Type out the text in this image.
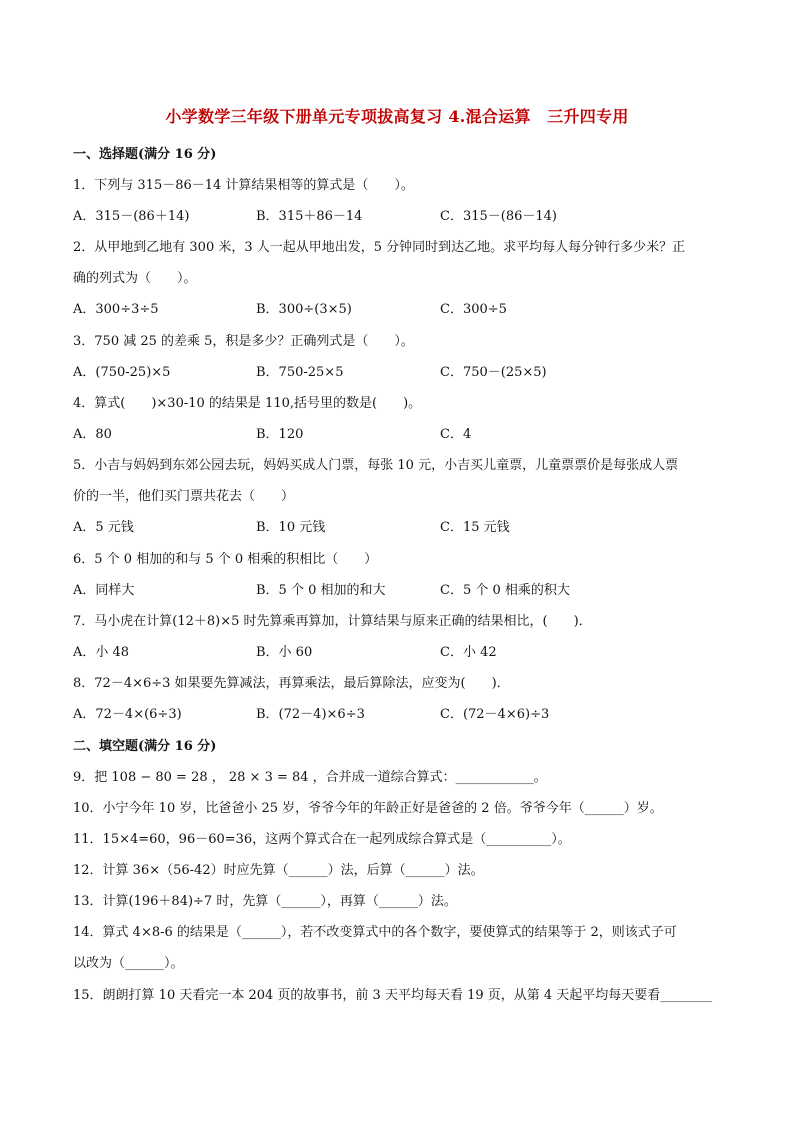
小学数学三年级下册单元专项拔高复习 4.混合运算　三升四专用
一、选择题(满分 16 分)
1．下列与 315－86－14 计算结果相等的算式是（　　）。
A．315－(86＋14)	B．315＋86－14	C．315－(86－14)
2．从甲地到乙地有 300 米，3 人一起从甲地出发，5 分钟同时到达乙地。求平均每人每分钟行多少米？正
确的列式为（　　）。
A．300÷3÷5	B．300÷(3×5)	C．300÷5
3．750 减 25 的差乘 5，积是多少？正确列式是（　　）。
A．(750-25)×5	B．750-25×5	C．750－(25×5)
4．算式(　　)×30-10 的结果是 110,括号里的数是(　　)。
A．80	B．120	C．4
5．小吉与妈妈到东郊公园去玩，妈妈买成人门票，每张 10 元，小吉买儿童票，儿童票票价是每张成人票
价的一半，他们买门票共花去（　　）
A．5 元钱	B．10 元钱	C．15 元钱
6．5 个 0 相加的和与 5 个 0 相乘的积相比（　　）
A．同样大	B．5 个 0 相加的和大	C．5 个 0 相乘的积大
7．马小虎在计算(12＋8)×5 时先算乘再算加，计算结果与原来正确的结果相比，(　　)．
A．小 48	B．小 60	C．小 42
8．72－4×6÷3 如果要先算减法，再算乘法，最后算除法，应变为(　　)．
A．72－4×(6÷3)	B．(72－4)×6÷3	C．(72－4×6)÷3
二、填空题(满分 16 分)
9．把 108 − 80 = 28 ， 28 × 3 = 84 ，合并成一道综合算式：____________。
10．小宁今年 10 岁，比爸爸小 25 岁，爷爷今年的年龄正好是爸爸的 2 倍。爷爷今年（______）岁。
11．15×4=60，96－60=36，这两个算式合在一起列成综合算式是（__________）。
12．计算 36×（56-42）时应先算（______）法，后算（______）法。
13．计算(196＋84)÷7 时，先算（______），再算（______）法。
14．算式 4×8-6 的结果是（______），若不改变算式中的各个数字，要使算式的结果等于 2，则该式子可
以改为（______）。
15．朗朗打算 10 天看完一本 204 页的故事书，前 3 天平均每天看 19 页，从第 4 天起平均每天要看________
